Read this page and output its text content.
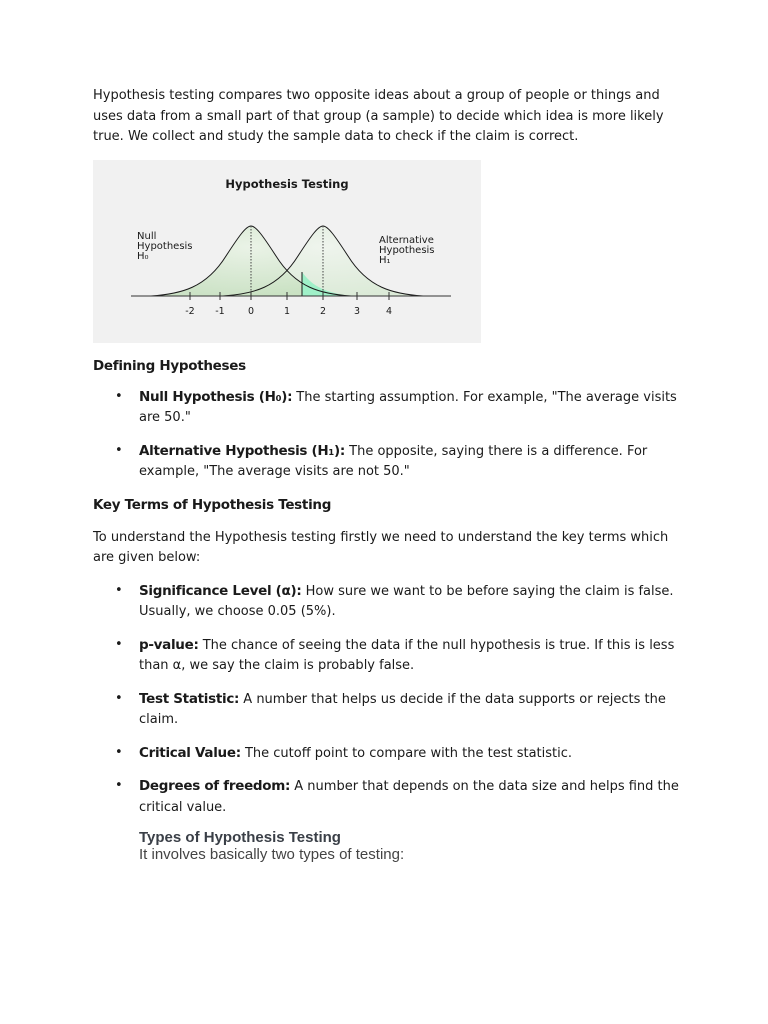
Hypothesis testing compares two opposite ideas about a group of people or things and uses data from a small part of that group (a sample) to decide which idea is more likely true. We collect and study the sample data to check if the claim is correct.

Hypothesis Testing
-2 -1 0	1	2	3	4
Null
Hypothesis
H₀
Alternative
Hypothesis
H₁
Defining Hypotheses
• Null Hypothesis (H₀): The starting assumption. For example, "The average visits are 50."
• Alternative Hypothesis (H₁): The opposite, saying there is a difference. For example, "The average visits are not 50."
Key Terms of Hypothesis Testing

To understand the Hypothesis testing firstly we need to understand the key terms which are given below:

• Significance Level (α): How sure we want to be before saying the claim is false. Usually, we choose 0.05 (5%).
• p-value: The chance of seeing the data if the null hypothesis is true. If this is less than α, we say the claim is probably false.
• Test Statistic: A number that helps us decide if the data supports or rejects the claim.
• Critical Value: The cutoff point to compare with the test statistic.
• Degrees of freedom: A number that depends on the data size and helps find the critical value.
Types of Hypothesis Testing
It involves basically two types of testing:
